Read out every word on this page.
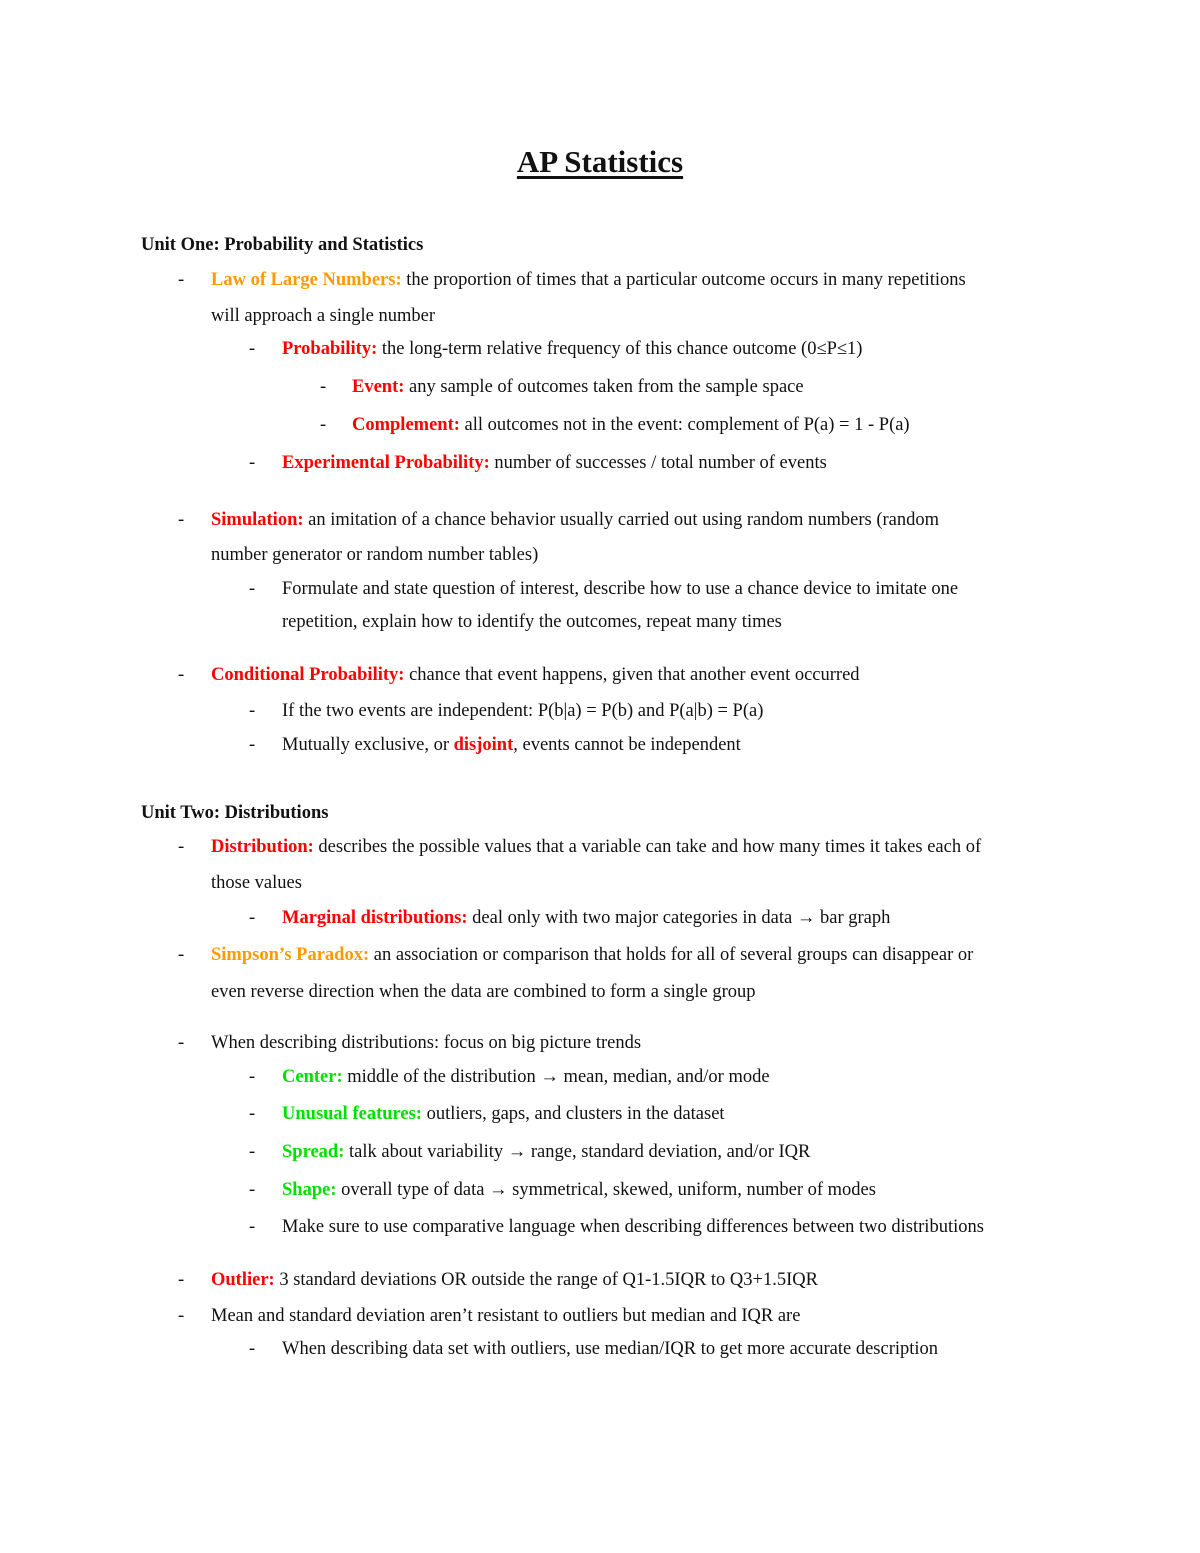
AP Statistics
Unit One: Probability and Statistics
- Law of Large Numbers: the proportion of times that a particular outcome occurs in many repetitions
will approach a single number
- Probability: the long-term relative frequency of this chance outcome (0≤P≤1)
- Event: any sample of outcomes taken from the sample space
- Complement: all outcomes not in the event: complement of P(a) = 1 - P(a)
- Experimental Probability: number of successes / total number of events
- Simulation: an imitation of a chance behavior usually carried out using random numbers (random
number generator or random number tables)
- Formulate and state question of interest, describe how to use a chance device to imitate one
repetition, explain how to identify the outcomes, repeat many times
- Conditional Probability: chance that event happens, given that another event occurred
- If the two events are independent: P(b|a) = P(b) and P(a|b) = P(a)
- Mutually exclusive, or disjoint, events cannot be independent
Unit Two: Distributions
- Distribution: describes the possible values that a variable can take and how many times it takes each of
those values
- Marginal distributions: deal only with two major categories in data → bar graph
- Simpson’s Paradox: an association or comparison that holds for all of several groups can disappear or
even reverse direction when the data are combined to form a single group
- When describing distributions: focus on big picture trends
- Center: middle of the distribution → mean, median, and/or mode
- Unusual features: outliers, gaps, and clusters in the dataset
- Spread: talk about variability → range, standard deviation, and/or IQR
- Shape: overall type of data → symmetrical, skewed, uniform, number of modes
- Make sure to use comparative language when describing differences between two distributions
- Outlier: 3 standard deviations OR outside the range of Q1-1.5IQR to Q3+1.5IQR
- Mean and standard deviation aren’t resistant to outliers but median and IQR are
- When describing data set with outliers, use median/IQR to get more accurate description
